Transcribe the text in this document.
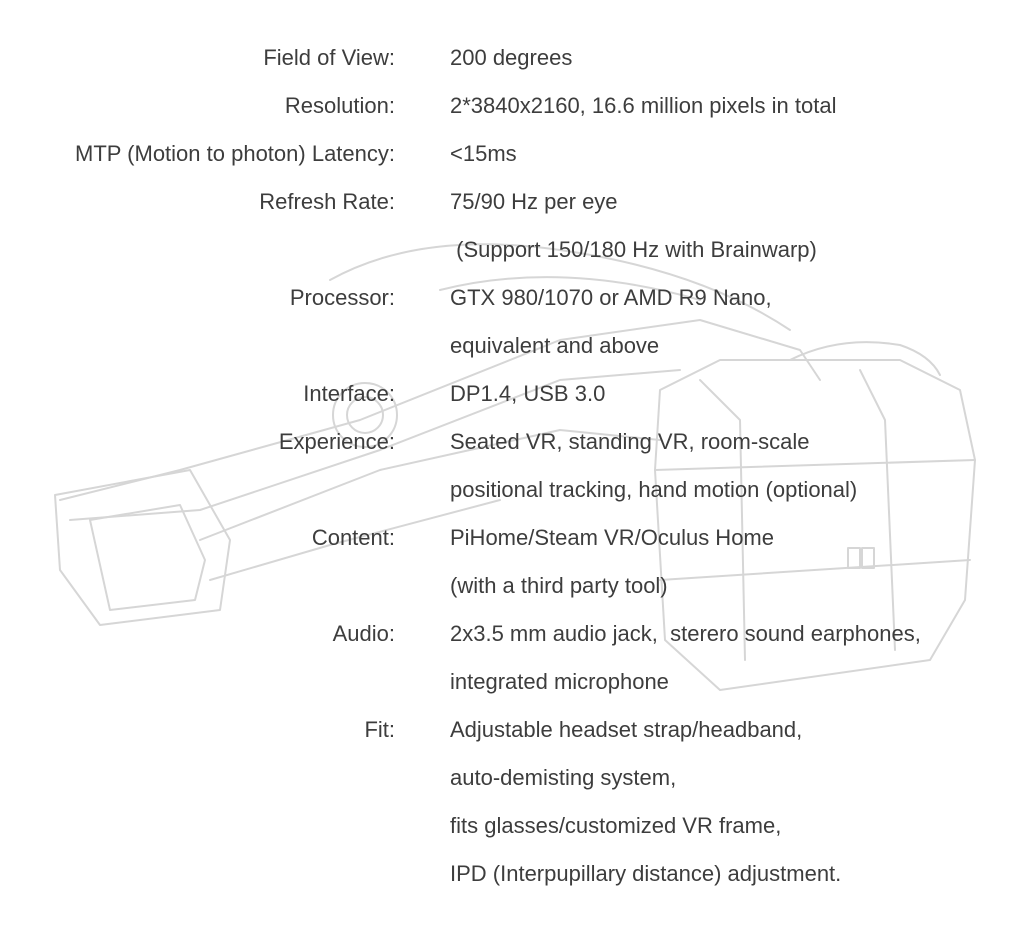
Field of View:	200 degrees
Resolution:	2*3840x2160, 16.6 million pixels in total
MTP (Motion to photon) Latency:	<15ms
Refresh Rate:	75/90 Hz per eye
(Support 150/180 Hz with Brainwarp)
Processor:	GTX 980/1070 or AMD R9 Nano,
equivalent and above
Interface:	DP1.4, USB 3.0
Experience:	Seated VR, standing VR, room-scale
positional tracking, hand motion (optional)
Content:	PiHome/Steam VR/Oculus Home
(with a third party tool)
Audio:	2x3.5 mm audio jack,  sterero sound earphones,
integrated microphone
Fit:	Adjustable headset strap/headband,
auto-demisting system,
fits glasses/customized VR frame,
IPD (Interpupillary distance) adjustment.
